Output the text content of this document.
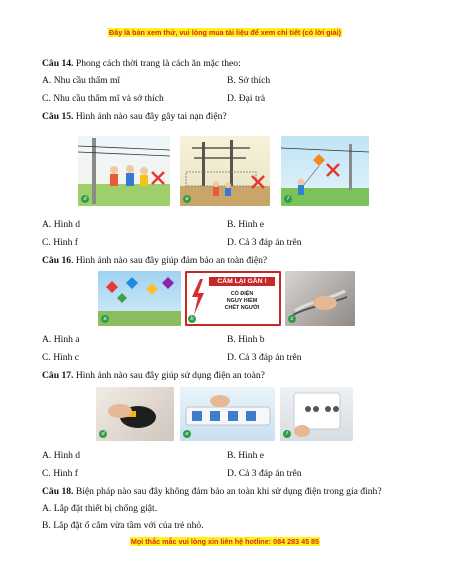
Đây là bản xem thử, vui lòng mua tài liệu để xem chi tiết (có lời giải)
Câu 14. Phong cách thời trang là cách ăn mặc theo:
A. Nhu cầu thẩm mĩ	B. Sở thích
C. Nhu cầu thẩm mĩ và sở thích	D. Đại trà
Câu 15. Hình ảnh nào sau đây gây tai nạn điện?
d	e	f
A. Hình d	B. Hình e
C. Hình f	D. Cả 3 đáp án trên
Câu 16. Hình ảnh nào sau đây giúp đảm bảo an toàn điện?
a
CẤM LẠI GẦN !
CÓ ĐIỆN
NGUY HIỂM
CHẾT NGƯỜI
b	c
A. Hình a	B. Hình b
C. Hình c	D. Cả 3 đáp án trên
Câu 17. Hình ảnh nào sau đây giúp sử dụng điện an toàn?
d	e	f
A. Hình d	B. Hình e
C. Hình f	D. Cả 3 đáp án trên
Câu 18. Biện pháp nào sau đây không đảm bảo an toàn khi sử dụng điện trong gia đình?
A. Lắp đặt thiết bị chống giật.
B. Lắp đặt ổ cắm vừa tầm với của trẻ nhỏ.
Mọi thắc mắc vui lòng xin liên hệ hotline: 084 283 45 85
